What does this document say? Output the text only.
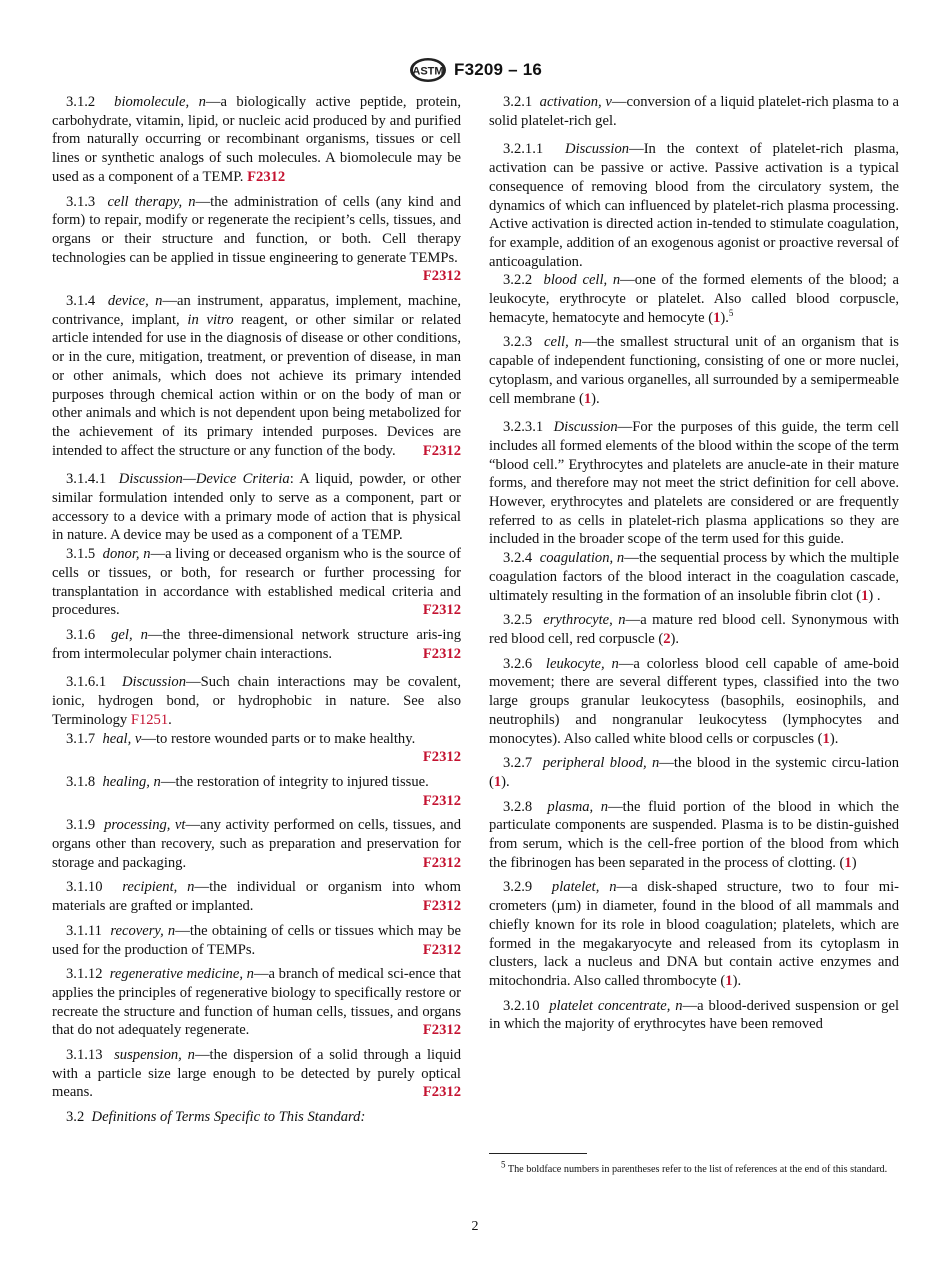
ASTM F3209 – 16

3.1.2 biomolecule, n—a biologically active peptide, protein, carbohydrate, vitamin, lipid, or nucleic acid produced by and purified from naturally occurring or recombinant organisms, tissues or cell lines or synthetic analogs of such molecules. A biomolecule may be used as a component of a TEMP. F2312

3.1.3 cell therapy, n—the administration of cells (any kind and form) to repair, modify or regenerate the recipient’s cells, tissues, and organs or their structure and function, or both. Cell therapy technologies can be applied in tissue engineering to generate TEMPs.
F2312

3.1.4 device, n—an instrument, apparatus, implement, machine, contrivance, implant, in vitro reagent, or other similar or related article intended for use in the diagnosis of disease or other conditions, or in the cure, mitigation, treatment, or prevention of disease, in man or other animals, which does not achieve its primary intended purposes through chemical action within or on the body of man or other animals and which is not dependent upon being metabolized for the achievement of its primary intended purposes. Devices are intended to affect the structure or any function of the body.	F2312

3.1.4.1 Discussion—Device Criteria: A liquid, powder, or other similar formulation intended only to serve as a component, part or accessory to a device with a primary mode of action that is physical in nature. A device may be used as a component of a TEMP.

3.1.5 donor, n—a living or deceased organism who is the source of cells or tissues, or both, for research or further processing for transplantation in accordance with established medical criteria and procedures.	F2312

3.1.6 gel, n—the three-dimensional network structure aris-ing from intermolecular polymer chain interactions.	F2312

3.1.6.1 Discussion—Such chain interactions may be covalent, ionic, hydrogen bond, or hydrophobic in nature. See also Terminology F1251.

3.1.7 heal, v—to restore wounded parts or to make healthy.
F2312

3.1.8 healing, n—the restoration of integrity to injured tissue.
F2312

3.1.9 processing, vt—any activity performed on cells, tissues, and organs other than recovery, such as preparation and preservation for storage and packaging.	F2312

3.1.10 recipient, n—the individual or organism into whom materials are grafted or implanted.	F2312

3.1.11 recovery, n—the obtaining of cells or tissues which may be used for the production of TEMPs.	F2312

3.1.12 regenerative medicine, n—a branch of medical sci-ence that applies the principles of regenerative biology to specifically restore or recreate the structure and function of human cells, tissues, and organs that do not adequately regenerate.	F2312

3.1.13 suspension, n—the dispersion of a solid through a liquid with a particle size large enough to be detected by purely optical means.	F2312

3.2 Definitions of Terms Specific to This Standard:

3.2.1 activation, v—conversion of a liquid platelet-rich plasma to a solid platelet-rich gel.

3.2.1.1 Discussion—In the context of platelet-rich plasma, activation can be passive or active. Passive activation is a typical consequence of removing blood from the circulatory system, the dynamics of which can influenced by platelet-rich plasma processing. Active activation is directed action in-tended to stimulate coagulation, for example, addition of an exogenous agonist or proactive reversal of anticoagulation.

3.2.2 blood cell, n—one of the formed elements of the blood; a leukocyte, erythrocyte or platelet. Also called blood corpuscle, hemacyte, hematocyte and hemocyte (1).$^5$

3.2.3 cell, n—the smallest structural unit of an organism that is capable of independent functioning, consisting of one or more nuclei, cytoplasm, and various organelles, all surrounded by a semipermeable cell membrane (1).

3.2.3.1 Discussion—For the purposes of this guide, the term cell includes all formed elements of the blood within the scope of the term “blood cell.” Erythrocytes and platelets are anucle-ate in their mature forms, and therefore may not meet the strict definition for cell above. However, erythrocytes and platelets are considered or are frequently referred to as cells in platelet-rich plasma applications so they are included in the broader scope of the term used for this guide.

3.2.4 coagulation, n—the sequential process by which the multiple coagulation factors of the blood interact in the coagulation cascade, ultimately resulting in the formation of an insoluble fibrin clot (1) .

3.2.5 erythrocyte, n—a mature red blood cell. Synonymous with red blood cell, red corpuscle (2).

3.2.6 leukocyte, n—a colorless blood cell capable of ame-boid movement; there are several different types, classified into the two large groups granular leukocytess (basophils, eosinophils, and neutrophils) and nongranular leukocytess (lymphocytes and monocytes). Also called white blood cells or corpuscles (1).

3.2.7 peripheral blood, n—the blood in the systemic circu-lation (1).

3.2.8 plasma, n—the fluid portion of the blood in which the particulate components are suspended. Plasma is to be distin-guished from serum, which is the cell-free portion of the blood from which the fibrinogen has been separated in the process of clotting. (1)

3.2.9 platelet, n—a disk-shaped structure, two to four mi-crometers (µm) in diameter, found in the blood of all mammals and chiefly known for its role in blood coagulation; platelets, which are formed in the megakaryocyte and released from its cytoplasm in clusters, lack a nucleus and DNA but contain active enzymes and mitochondria. Also called thrombocyte (1).

3.2.10 platelet concentrate, n—a blood-derived suspension or gel in which the majority of erythrocytes have been removed

$^5$ The boldface numbers in parentheses refer to the list of references at the end of this standard.
2
